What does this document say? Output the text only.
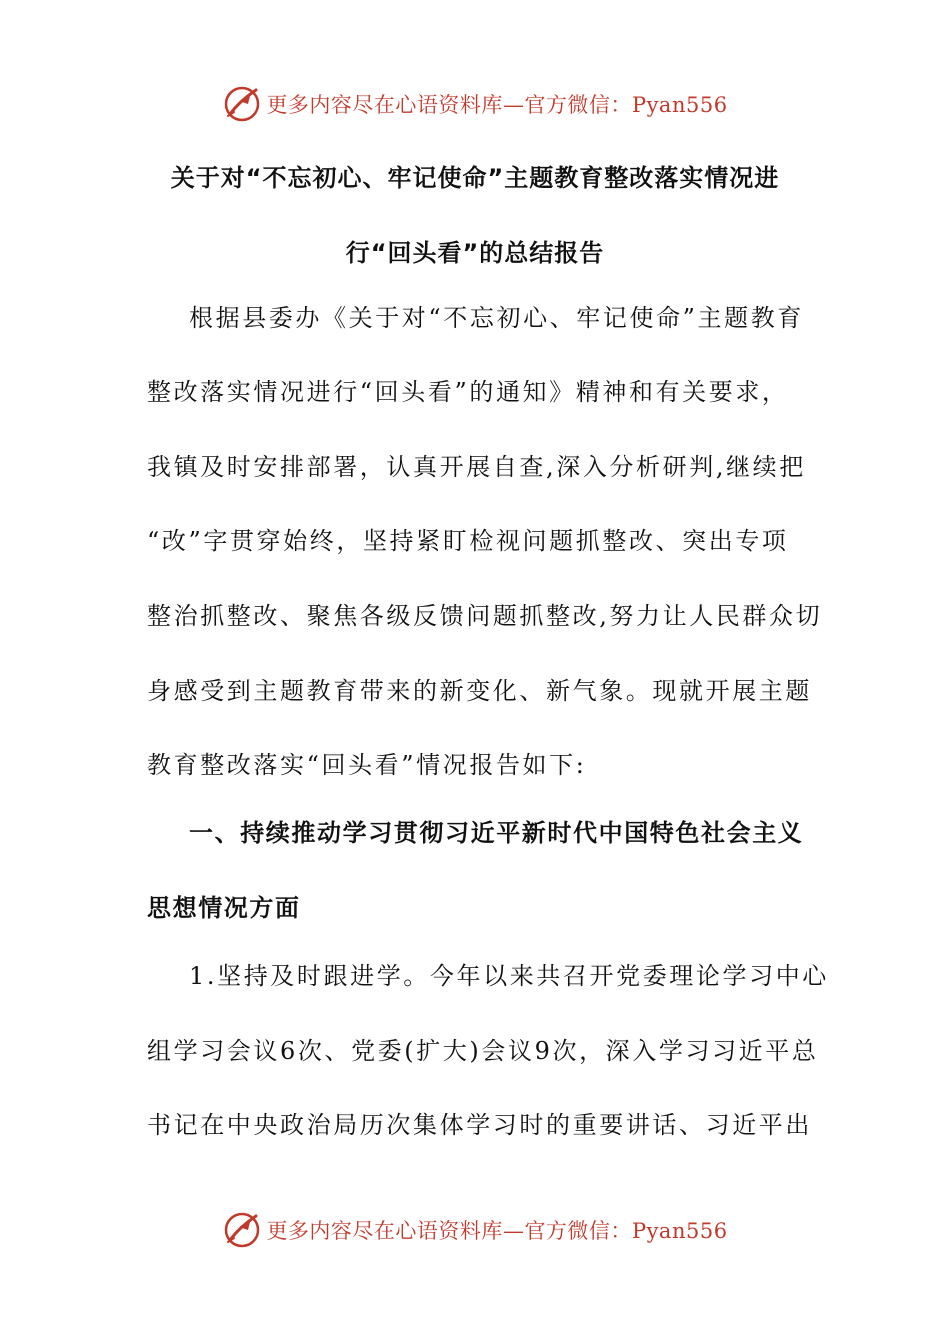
更多内容尽在心语资料库—官方微信：Pyan556
关于对“不忘初心、牢记使命”主题教育整改落实情况进
行“回头看”的总结报告
根据县委办《关于对“不忘初心、牢记使命”主题教育
整改落实情况进行“回头看”的通知》精神和有关要求，
我镇及时安排部署，认真开展自查,深入分析研判,继续把
“改”字贯穿始终，坚持紧盯检视问题抓整改、突出专项
整治抓整改、聚焦各级反馈问题抓整改,努力让人民群众切
身感受到主题教育带来的新变化、新气象。现就开展主题
教育整改落实“回头看”情况报告如下:
一、持续推动学习贯彻习近平新时代中国特色社会主义
思想情况方面
1.坚持及时跟进学。今年以来共召开党委理论学习中心
组学习会议6次、党委(扩大)会议9次，深入学习习近平总
书记在中央政治局历次集体学习时的重要讲话、习近平出
更多内容尽在心语资料库—官方微信：Pyan556
